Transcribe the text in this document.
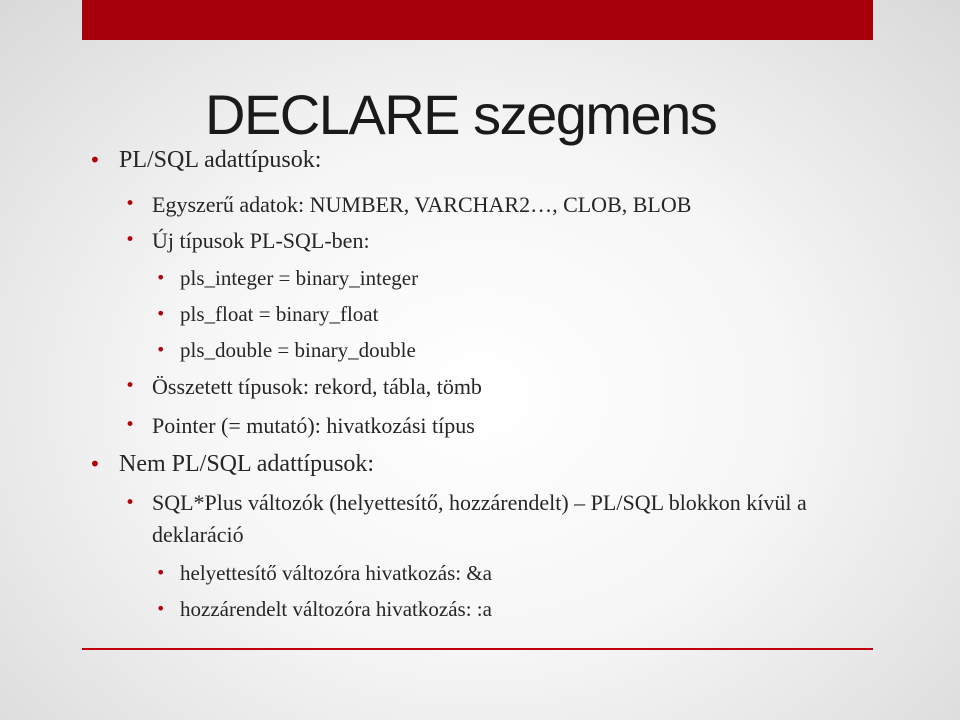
DECLARE szegmens
• PL/SQL adattípusok:
• Egyszerű adatok: NUMBER, VARCHAR2…, CLOB, BLOB
• Új típusok PL-SQL-ben:
• pls_integer = binary_integer
• pls_float = binary_float
• pls_double = binary_double
• Összetett típusok: rekord, tábla, tömb
• Pointer (= mutató): hivatkozási típus
• Nem PL/SQL adattípusok:
• SQL*Plus változók (helyettesítő, hozzárendelt) – PL/SQL blokkon kívül a deklaráció
• helyettesítő változóra hivatkozás: &a
• hozzárendelt változóra hivatkozás: :a
